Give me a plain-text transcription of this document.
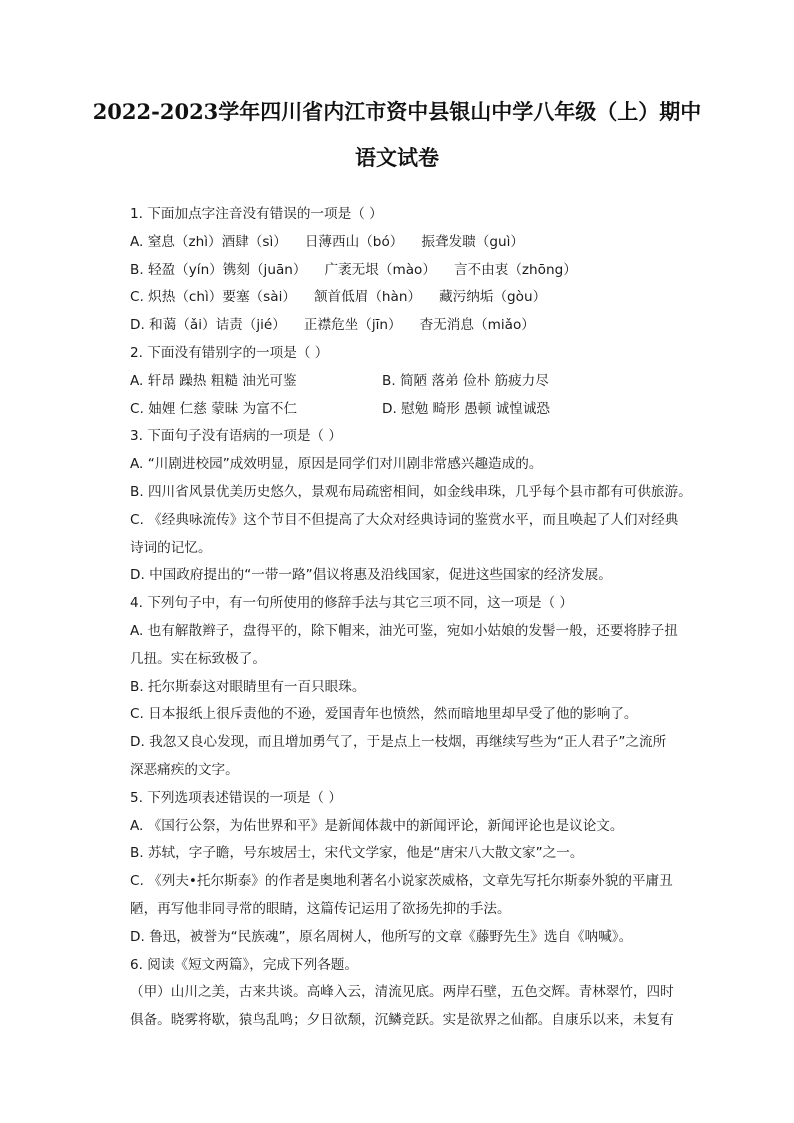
2022-2023学年四川省内江市资中县银山中学八年级（上）期中
语文试卷
1. 下面加点字注音没有错误的一项是（ ）
A. 窒息（zhì）酒肆（sì） 日薄西山（bó） 振聋发聩（guì）
B. 轻盈（yín）镌刻（juān） 广袤无垠（mào） 言不由衷（zhōng）
C. 炽热（chì）要塞（sài） 颔首低眉（hàn） 藏污纳垢（gòu）
D. 和蔼（ǎi）诘责（jié） 正襟危坐（jīn） 杳无消息（miǎo）
2. 下面没有错别字的一项是（ ）
A. 轩昂 躁热 粗糙 油光可鉴	B. 简陋 落弟 俭朴 筋疲力尽
C. 妯娌 仁慈 蒙昧 为富不仁	D. 慰勉 畸形 愚顿 诚惶诚恐
3. 下面句子没有语病的一项是（ ）
A. “川剧进校园”成效明显，原因是同学们对川剧非常感兴趣造成的。
B. 四川省风景优美历史悠久，景观布局疏密相间，如金线串珠，几乎每个县市都有可供旅游。
C. 《经典咏流传》这个节目不但提高了大众对经典诗词的鉴赏水平，而且唤起了人们对经典
诗词的记忆。
D. 中国政府提出的“一带一路”倡议将惠及沿线国家，促进这些国家的经济发展。
4. 下列句子中，有一句所使用的修辞手法与其它三项不同，这一项是（ ）
A. 也有解散辫子，盘得平的，除下帽来，油光可鉴，宛如小姑娘的发髻一般，还要将脖子扭
几扭。实在标致极了。
B. 托尔斯泰这对眼睛里有一百只眼珠。
C. 日本报纸上很斥责他的不逊，爱国青年也愤然，然而暗地里却早受了他的影响了。
D. 我忽又良心发现，而且增加勇气了，于是点上一枝烟，再继续写些为“正人君子”之流所
深恶痛疾的文字。
5. 下列选项表述错误的一项是（ ）
A. 《国行公祭，为佑世界和平》是新闻体裁中的新闻评论，新闻评论也是议论文。
B. 苏轼，字子瞻，号东坡居士，宋代文学家，他是“唐宋八大散文家”之一。
C. 《列夫•托尔斯泰》的作者是奥地利著名小说家茨威格，文章先写托尔斯泰外貌的平庸丑
陋，再写他非同寻常的眼睛，这篇传记运用了欲扬先抑的手法。
D. 鲁迅，被誉为“民族魂”，原名周树人，他所写的文章《藤野先生》选自《呐喊》。
6. 阅读《短文两篇》，完成下列各题。
（甲）山川之美，古来共谈。高峰入云，清流见底。两岸石壁，五色交辉。青林翠竹，四时
俱备。晓雾将歇，猿鸟乱鸣；夕日欲颓，沉鳞竞跃。实是欲界之仙都。自康乐以来，未复有
